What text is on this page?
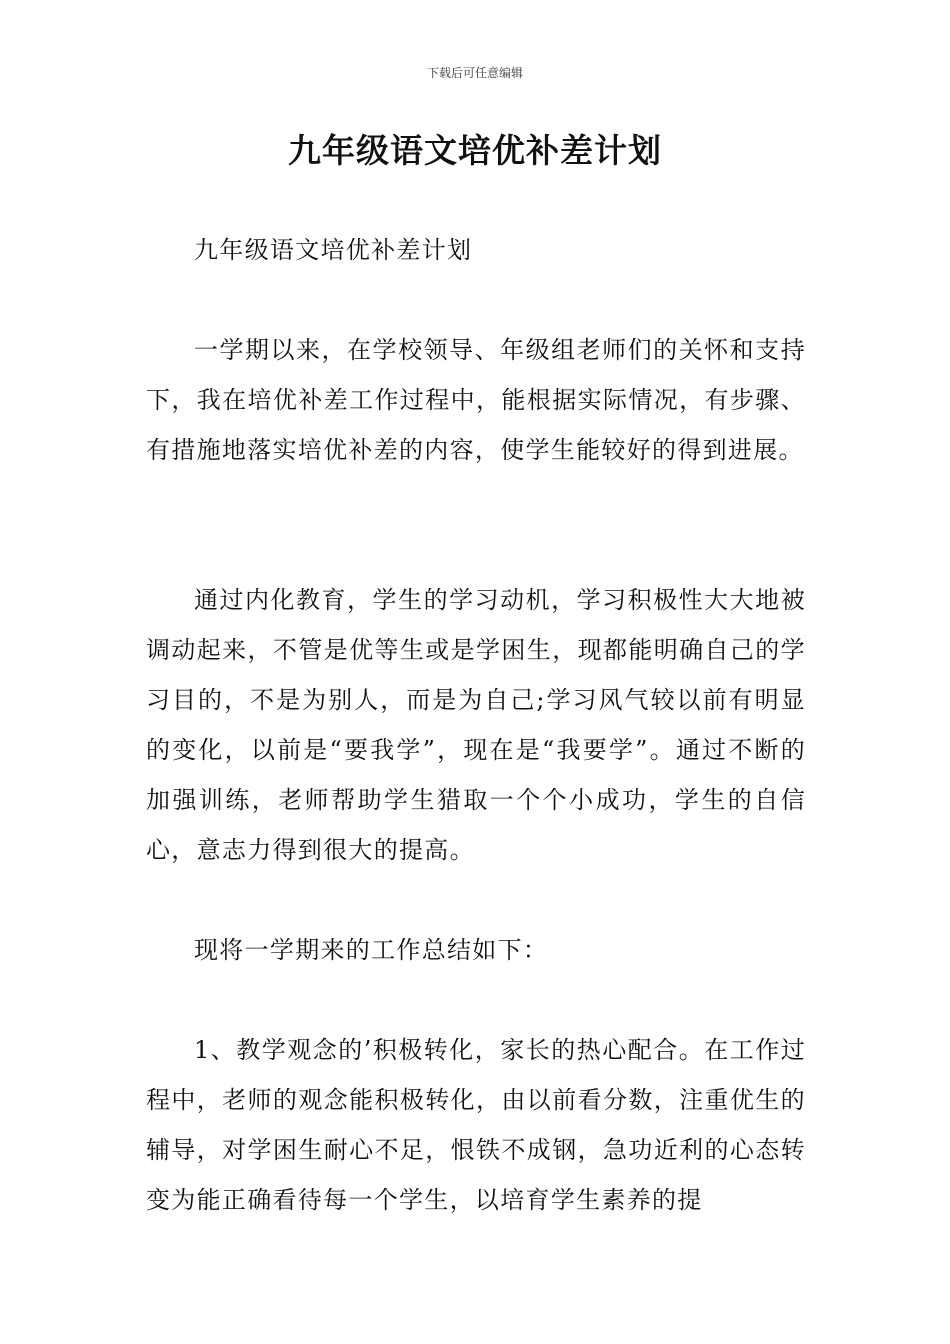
下载后可任意编辑
九年级语文培优补差计划

九年级语文培优补差计划

一学期以来，在学校领导、年级组老师们的关怀和支持下，我在培优补差工作过程中，能根据实际情况，有步骤、有措施地落实培优补差的内容，使学生能较好的得到进展。

通过内化教育，学生的学习动机，学习积极性大大地被调动起来，不管是优等生或是学困生，现都能明确自己的学习目的，不是为别人，而是为自己;学习风气较以前有明显的变化，以前是“要我学”，现在是“我要学”。通过不断的加强训练，老师帮助学生猎取一个个小成功，学生的自信心，意志力得到很大的提高。

现将一学期来的工作总结如下：

1、教学观念的’积极转化，家长的热心配合。在工作过程中，老师的观念能积极转化，由以前看分数，注重优生的辅导，对学困生耐心不足，恨铁不成钢，急功近利的心态转变为能正确看待每一个学生，以培育学生素养的提
